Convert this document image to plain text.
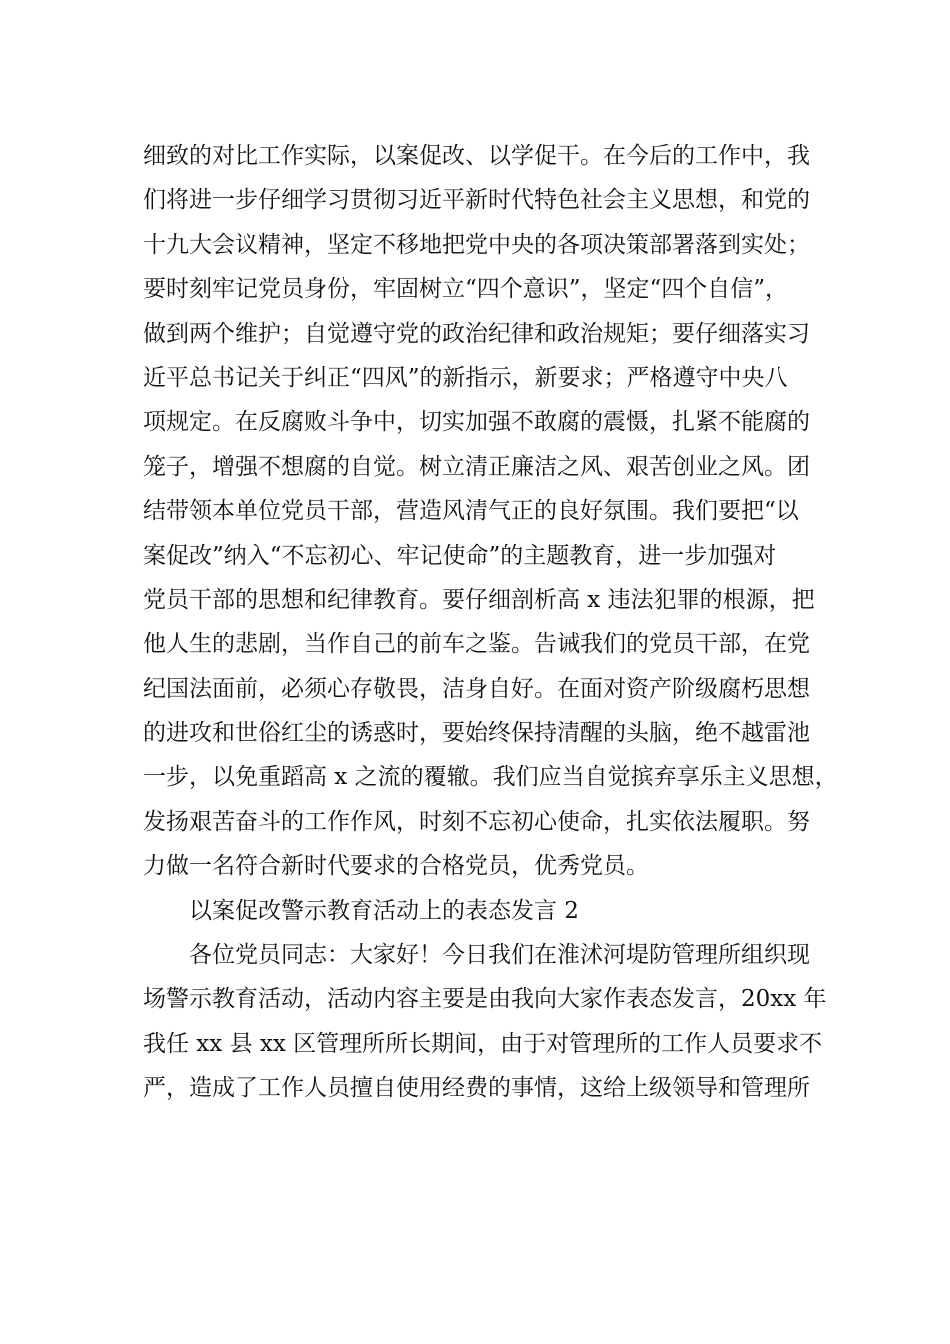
细致的对比工作实际，以案促改、以学促干。在今后的工作中，我
们将进一步仔细学习贯彻习近平新时代特色社会主义思想，和党的
十九大会议精神，坚定不移地把党中央的各项决策部署落到实处；
要时刻牢记党员身份，牢固树立“四个意识”，坚定“四个自信”，
做到两个维护；自觉遵守党的政治纪律和政治规矩；要仔细落实习
近平总书记关于纠正“四风”的新指示，新要求；严格遵守中央八
项规定。在反腐败斗争中，切实加强不敢腐的震慑，扎紧不能腐的
笼子，增强不想腐的自觉。树立清正廉洁之风、艰苦创业之风。团
结带领本单位党员干部，营造风清气正的良好氛围。我们要把“以
案促改”纳入“不忘初心、牢记使命”的主题教育，进一步加强对
党员干部的思想和纪律教育。要仔细剖析高 x 违法犯罪的根源，把
他人生的悲剧，当作自己的前车之鉴。告诫我们的党员干部，在党
纪国法面前，必须心存敬畏，洁身自好。在面对资产阶级腐朽思想
的进攻和世俗红尘的诱惑时，要始终保持清醒的头脑，绝不越雷池
一步，以免重蹈高 x 之流的覆辙。我们应当自觉摈弃享乐主义思想，
发扬艰苦奋斗的工作作风，时刻不忘初心使命，扎实依法履职。努
力做一名符合新时代要求的合格党员，优秀党员。
以案促改警示教育活动上的表态发言 2
各位党员同志：大家好！今日我们在淮沭河堤防管理所组织现
场警示教育活动，活动内容主要是由我向大家作表态发言，20xx 年
我任 xx 县 xx 区管理所所长期间，由于对管理所的工作人员要求不
严，造成了工作人员擅自使用经费的事情，这给上级领导和管理所
